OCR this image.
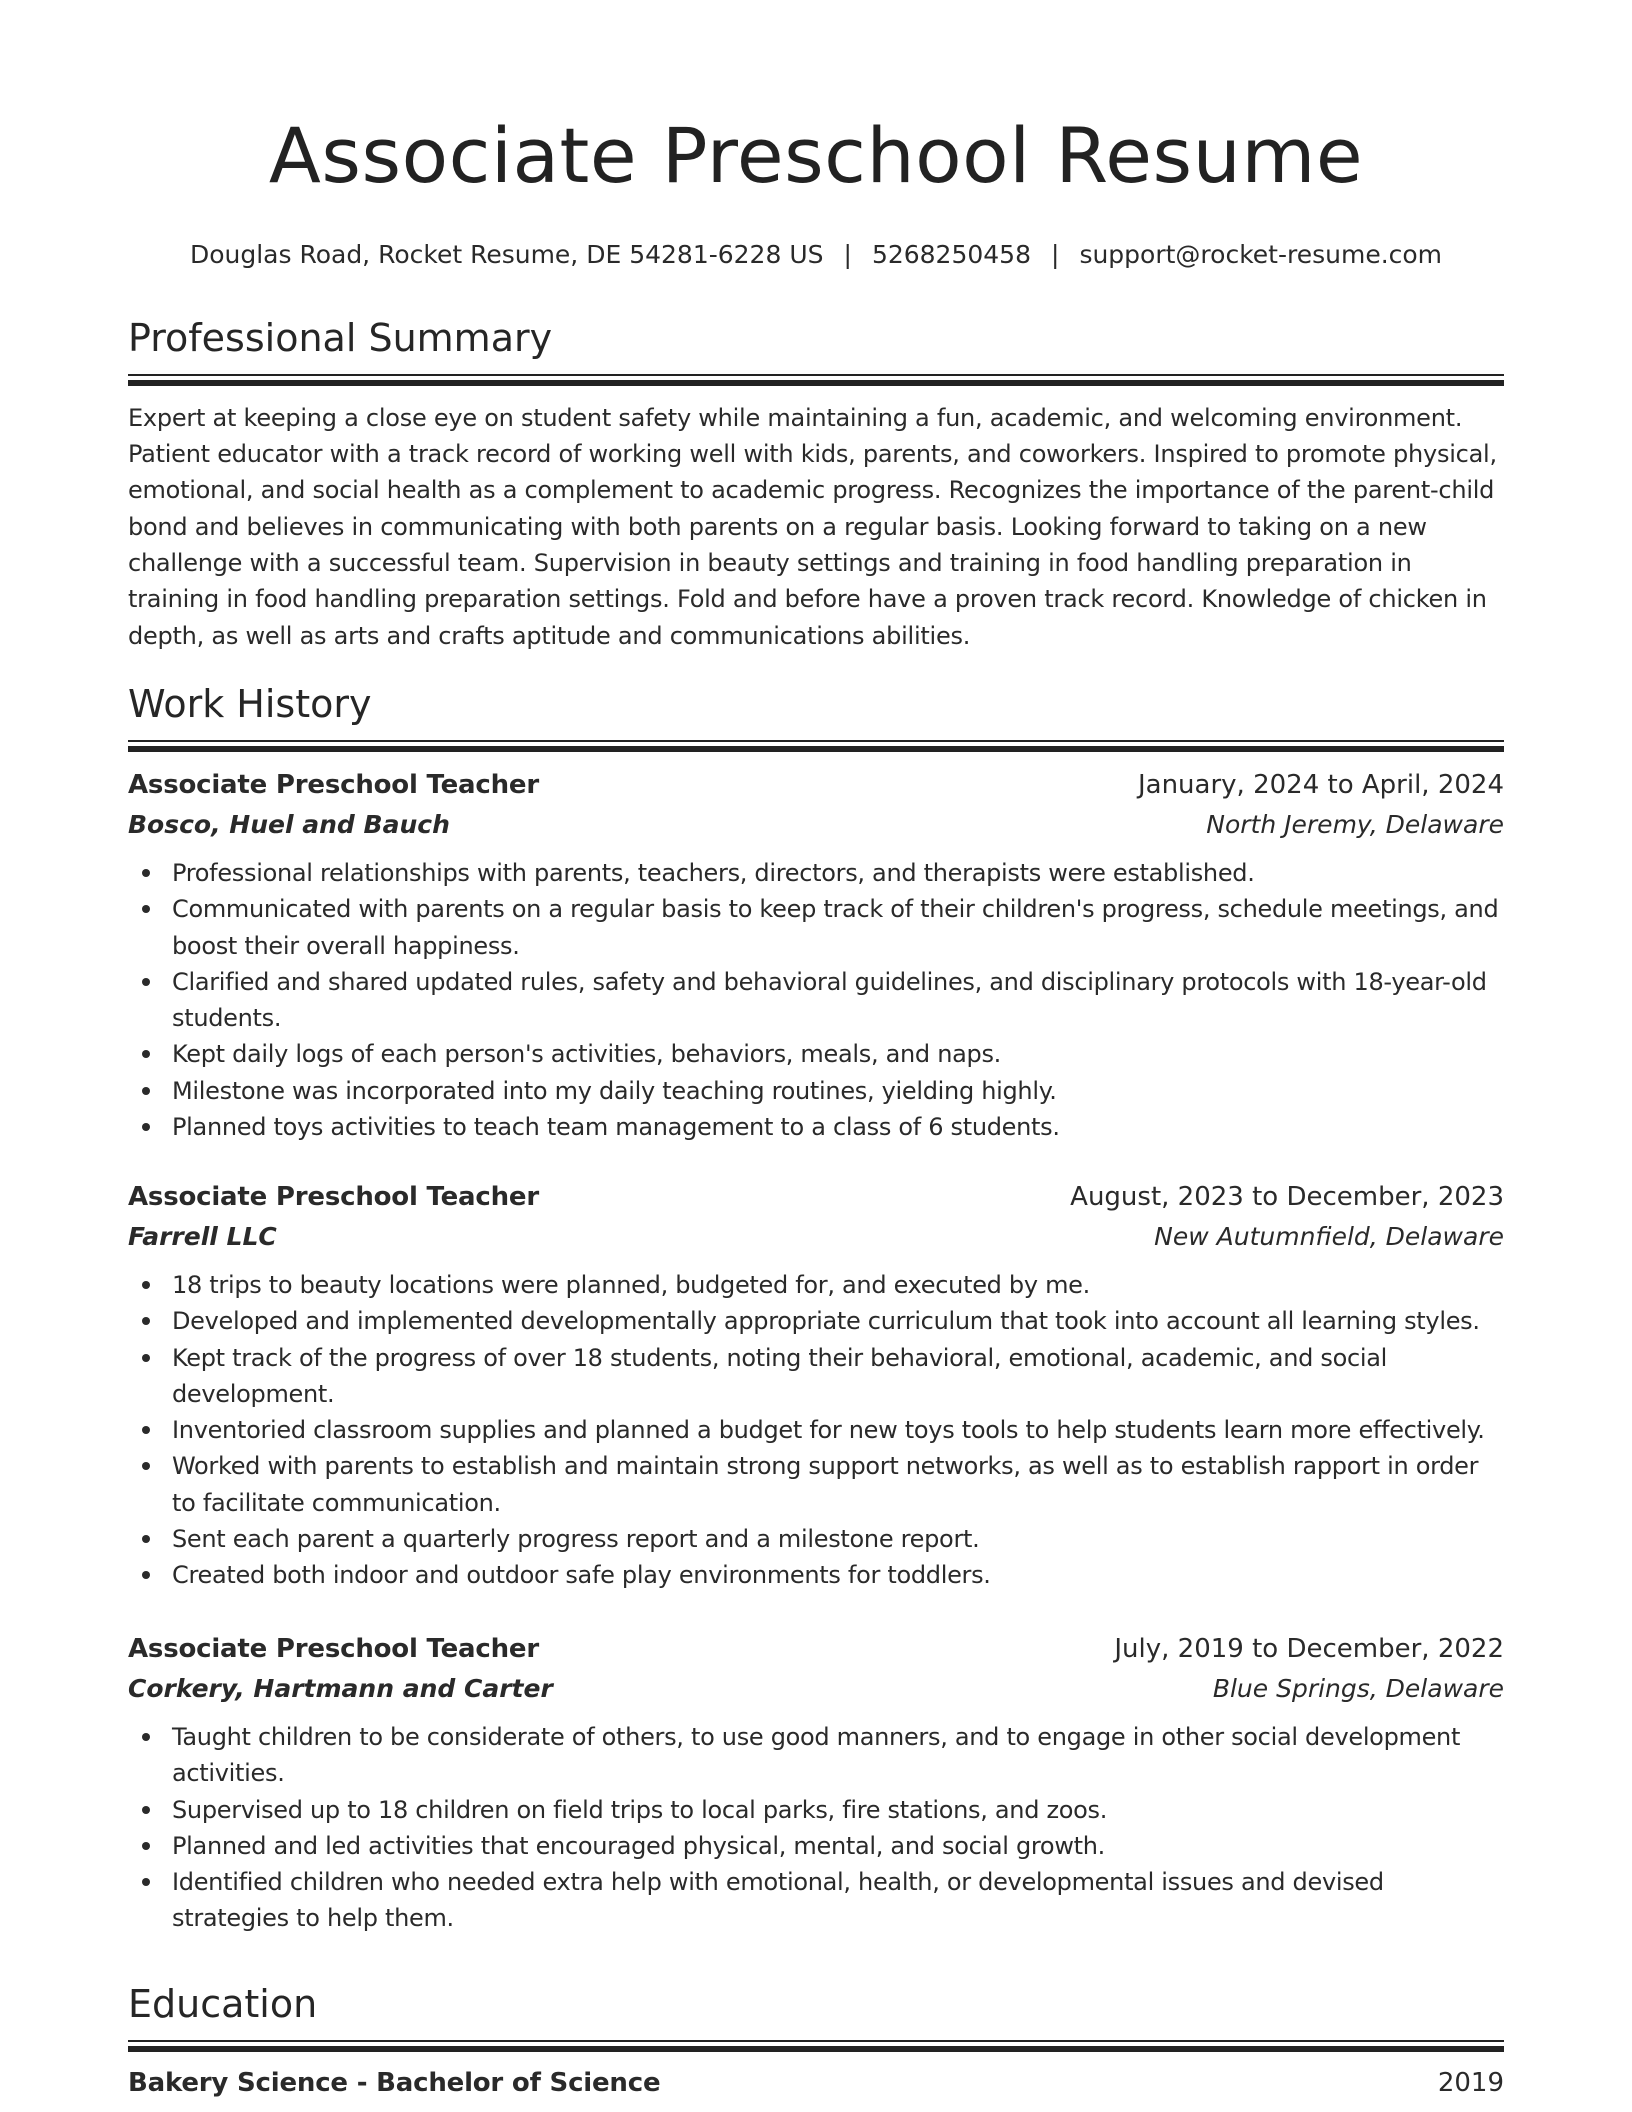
Associate Preschool Resume
Douglas Road, Rocket Resume, DE 54281-6228 US | 5268250458 | support@rocket-resume.com
Professional Summary

Expert at keeping a close eye on student safety while maintaining a fun, academic, and welcoming environment. Patient educator with a track record of working well with kids, parents, and coworkers. Inspired to promote physical, emotional, and social health as a complement to academic progress. Recognizes the importance of the parent-child bond and believes in communicating with both parents on a regular basis. Looking forward to taking on a new challenge with a successful team. Supervision in beauty settings and training in food handling preparation in training in food handling preparation settings. Fold and before have a proven track record. Knowledge of chicken in depth, as well as arts and crafts aptitude and communications abilities.

Work History
Associate Preschool Teacher	January, 2024 to April, 2024
Bosco, Huel and Bauch	North Jeremy, Delaware
Professional relationships with parents, teachers, directors, and therapists were established.
Communicated with parents on a regular basis to keep track of their children's progress, schedule meetings, and boost their overall happiness.
Clarified and shared updated rules, safety and behavioral guidelines, and disciplinary protocols with 18-year-old students.
Kept daily logs of each person's activities, behaviors, meals, and naps.
Milestone was incorporated into my daily teaching routines, yielding highly.
Planned toys activities to teach team management to a class of 6 students.
Associate Preschool Teacher	August, 2023 to December, 2023
Farrell LLC	New Autumnfield, Delaware
18 trips to beauty locations were planned, budgeted for, and executed by me.
Developed and implemented developmentally appropriate curriculum that took into account all learning styles.
Kept track of the progress of over 18 students, noting their behavioral, emotional, academic, and social development.
Inventoried classroom supplies and planned a budget for new toys tools to help students learn more effectively.
Worked with parents to establish and maintain strong support networks, as well as to establish rapport in order to facilitate communication.
Sent each parent a quarterly progress report and a milestone report.
Created both indoor and outdoor safe play environments for toddlers.
Associate Preschool Teacher	July, 2019 to December, 2022
Corkery, Hartmann and Carter	Blue Springs, Delaware
Taught children to be considerate of others, to use good manners, and to engage in other social development activities.
Supervised up to 18 children on field trips to local parks, fire stations, and zoos.
Planned and led activities that encouraged physical, mental, and social growth.
Identified children who needed extra help with emotional, health, or developmental issues and devised strategies to help them.
Education
Bakery Science - Bachelor of Science	2019
